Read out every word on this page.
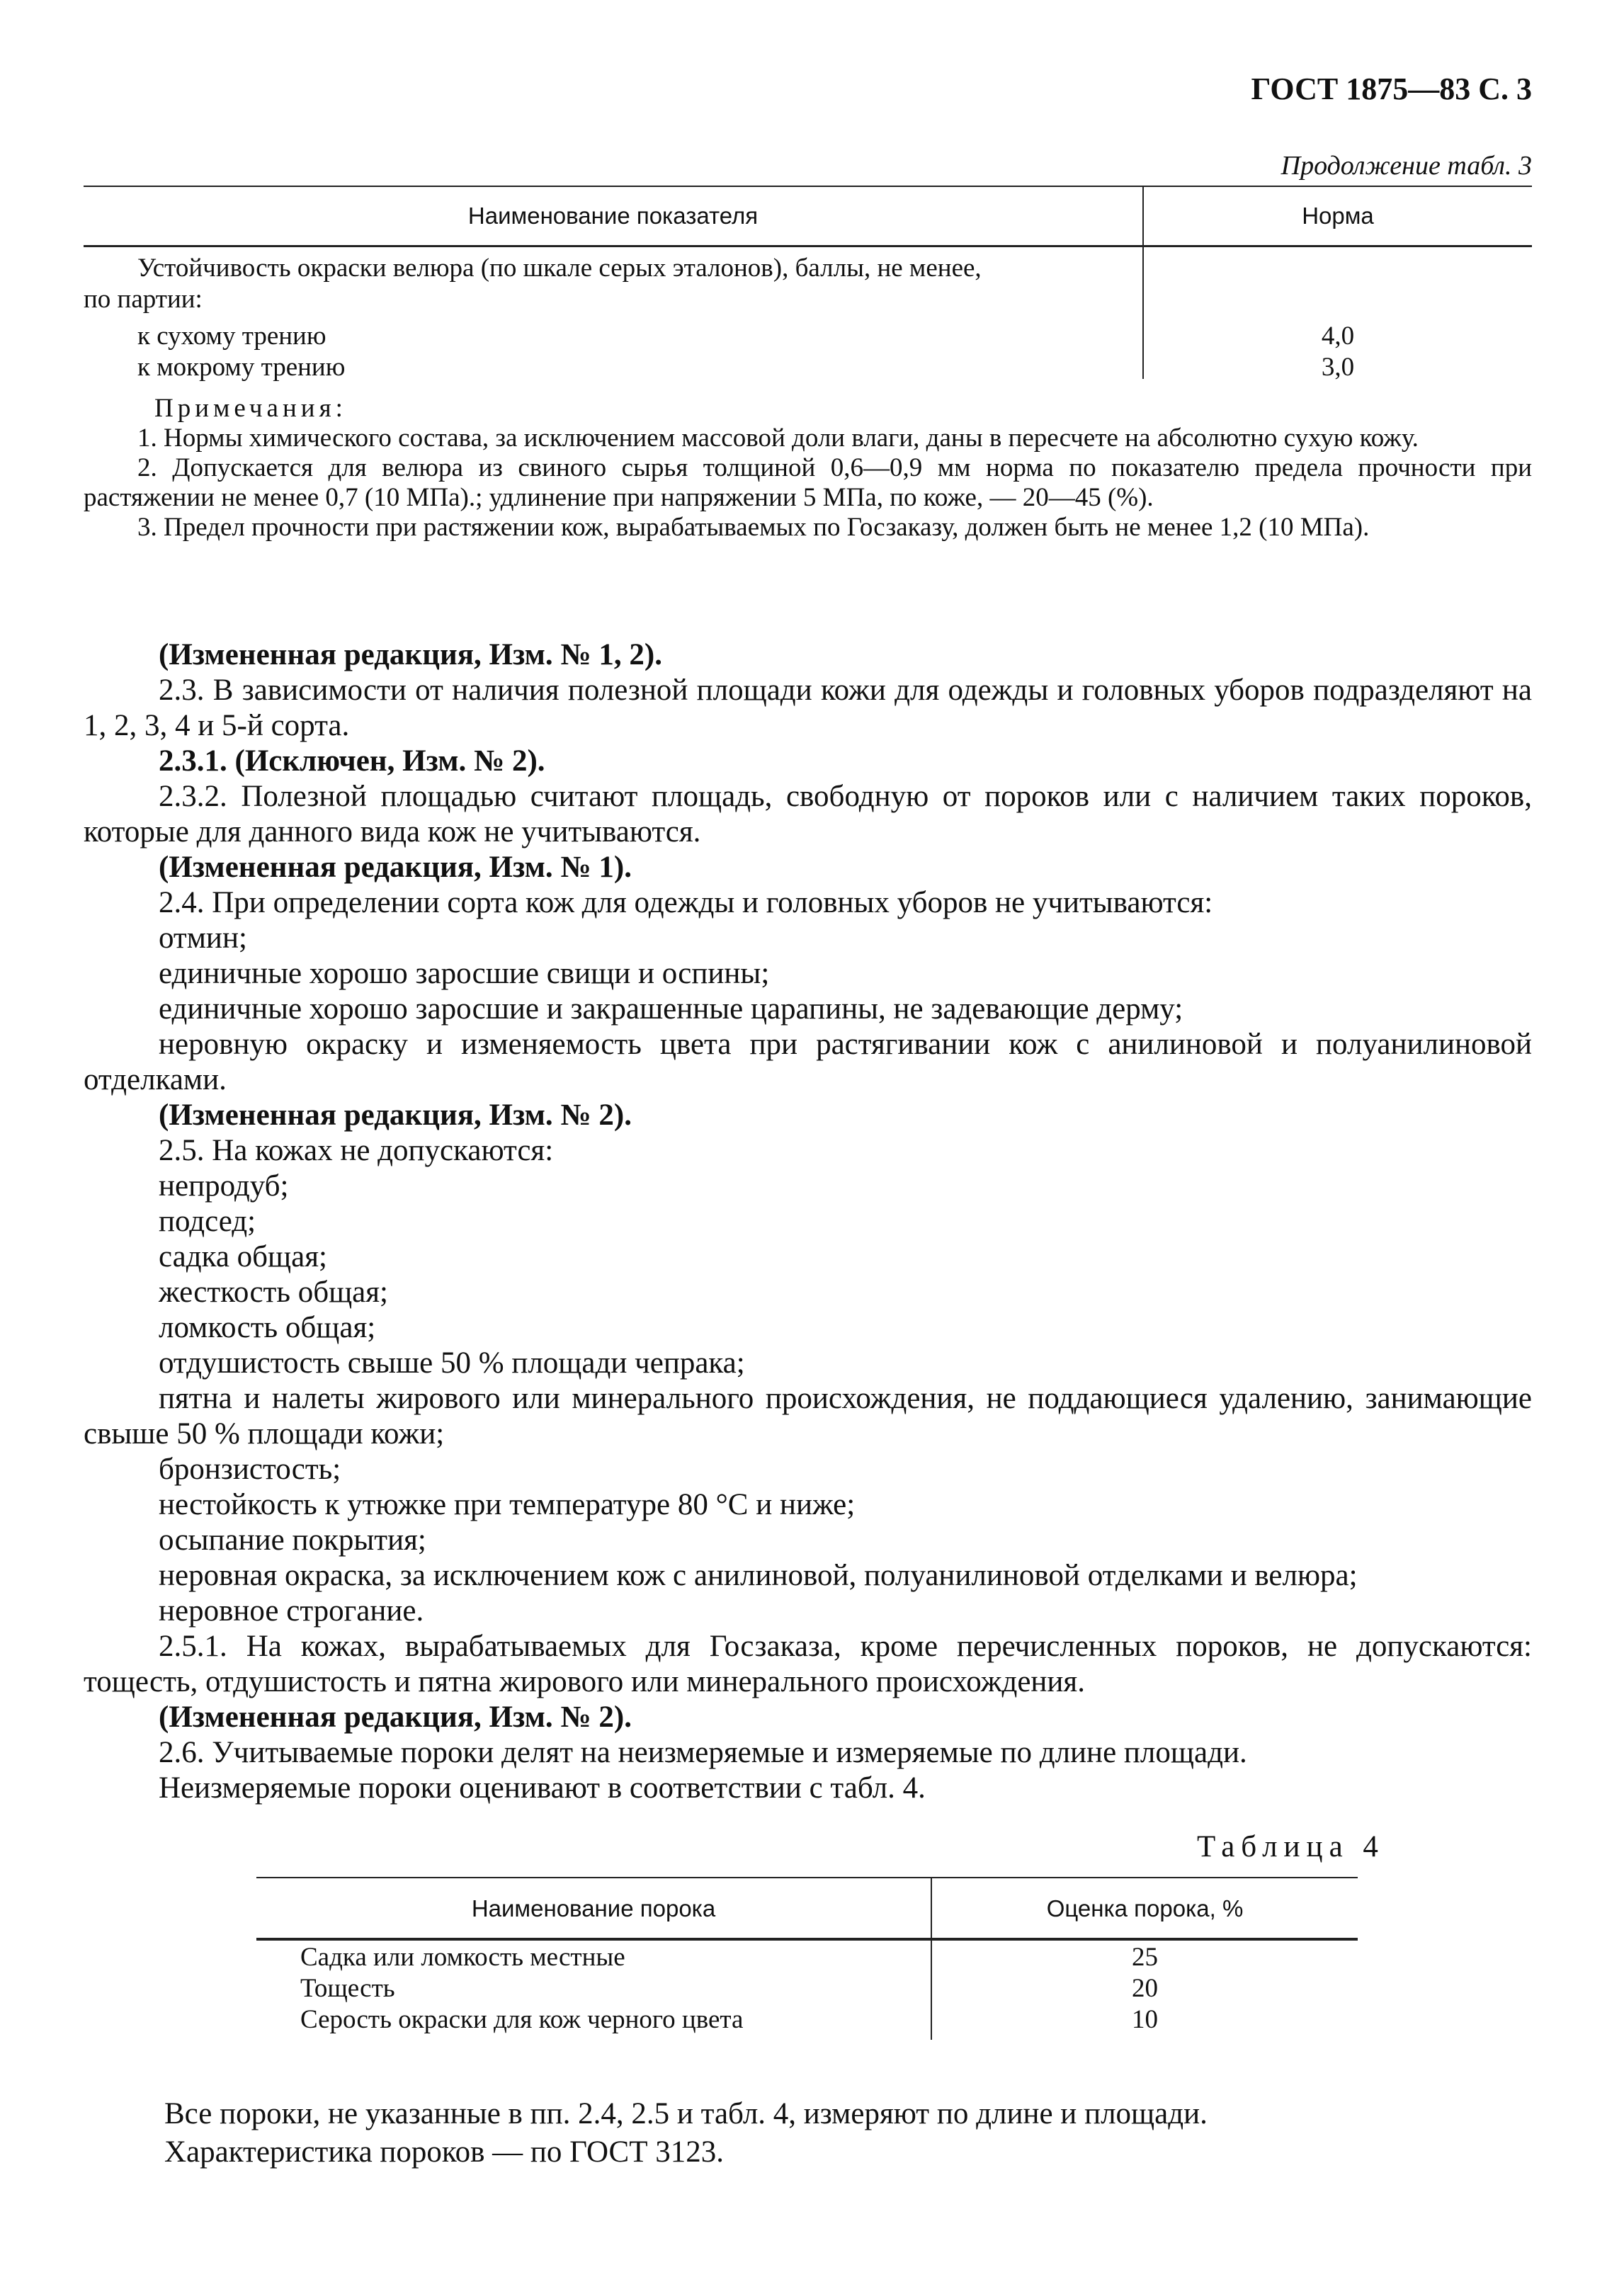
ГОСТ 1875—83 С. 3
Продолжение табл. 3
Наименование показателя	Норма
Устойчивость окраски велюра (по шкале серых эталонов), баллы, не менее,
по партии:
к сухому трению	4,0
к мокрому трению	3,0
Примечания:
1. Нормы химического состава, за исключением массовой доли влаги, даны в пересчете на абсолютно сухую кожу.
2. Допускается для велюра из свиного сырья толщиной 0,6—0,9 мм норма по показателю предела прочности при растяжении не менее 0,7 (10 МПа).; удлинение при напряжении 5 МПа, по коже, — 20—45 (%).
3. Предел прочности при растяжении кож, вырабатываемых по Госзаказу, должен быть не менее 1,2 (10 МПа).

(Измененная редакция, Изм. № 1, 2).

2.3. В зависимости от наличия полезной площади кожи для одежды и головных уборов подразделяют на 1, 2, 3, 4 и 5-й сорта.

2.3.1. (Исключен, Изм. № 2).

2.3.2. Полезной площадью считают площадь, свободную от пороков или с наличием таких пороков, которые для данного вида кож не учитываются.

(Измененная редакция, Изм. № 1).

2.4. При определении сорта кож для одежды и головных уборов не учитываются:

отмин;

единичные хорошо заросшие свищи и оспины;

единичные хорошо заросшие и закрашенные царапины, не задевающие дерму;

неровную окраску и изменяемость цвета при растягивании кож с анилиновой и полуанилиновой отделками.

(Измененная редакция, Изм. № 2).

2.5. На кожах не допускаются:

непродуб;

подсед;

садка общая;

жесткость общая;

ломкость общая;

отдушистость свыше 50 % площади чепрака;

пятна и налеты жирового или минерального происхождения, не поддающиеся удалению, занимающие свыше 50 % площади кожи;

бронзистость;

нестойкость к утюжке при температуре 80 °С и ниже;

осыпание покрытия;

неровная окраска, за исключением кож с анилиновой, полуанилиновой отделками и велюра;

неровное строгание.

2.5.1. На кожах, вырабатываемых для Госзаказа, кроме перечисленных пороков, не допускаются: тощесть, отдушистость и пятна жирового или минерального происхождения.

(Измененная редакция, Изм. № 2).

2.6. Учитываемые пороки делят на неизмеряемые и измеряемые по длине площади.

Неизмеряемые пороки оценивают в соответствии с табл. 4.

Таблица 4
Наименование порока	Оценка порока, %
Садка или ломкость местные	25
Тощесть	20
Серость окраски для кож черного цвета	10
Все пороки, не указанные в пп. 2.4, 2.5 и табл. 4, измеряют по длине и площади.
Характеристика пороков — по ГОСТ 3123.
